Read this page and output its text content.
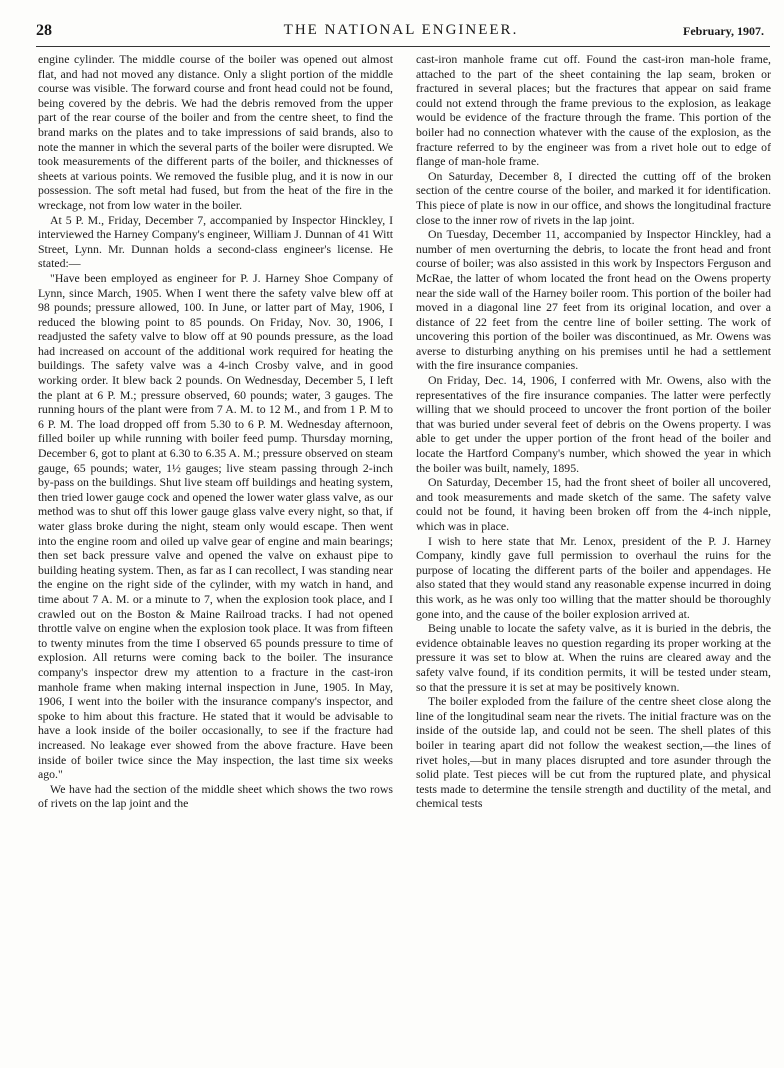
28	THE NATIONAL ENGINEER.	February, 1907.

engine cylinder. The middle course of the boiler was opened out almost flat, and had not moved any distance. Only a slight portion of the middle course was visible. The forward course and front head could not be found, being covered by the debris. We had the debris removed from the upper part of the rear course of the boiler and from the centre sheet, to find the brand marks on the plates and to take impressions of said brands, also to note the manner in which the several parts of the boiler were disrupted. We took measurements of the different parts of the boiler, and thicknesses of sheets at various points. We removed the fusible plug, and it is now in our possession. The soft metal had fused, but from the heat of the fire in the wreckage, not from low water in the boiler.

At 5 P. M., Friday, December 7, accompanied by Inspector Hinckley, I interviewed the Harney Company's engineer, William J. Dunnan of 41 Witt Street, Lynn. Mr. Dunnan holds a second-class engineer's license. He stated:—

"Have been employed as engineer for P. J. Harney Shoe Company of Lynn, since March, 1905. When I went there the safety valve blew off at 98 pounds; pressure allowed, 100. In June, or latter part of May, 1906, I reduced the blowing point to 85 pounds. On Friday, Nov. 30, 1906, I readjusted the safety valve to blow off at 90 pounds pressure, as the load had increased on account of the additional work required for heating the buildings. The safety valve was a 4-inch Crosby valve, and in good working order. It blew back 2 pounds. On Wednesday, December 5, I left the plant at 6 P. M.; pressure observed, 60 pounds; water, 3 gauges. The running hours of the plant were from 7 A. M. to 12 M., and from 1 P. M to 6 P. M. The load dropped off from 5.30 to 6 P. M. Wednesday afternoon, filled boiler up while running with boiler feed pump. Thursday morning, December 6, got to plant at 6.30 to 6.35 A. M.; pressure observed on steam gauge, 65 pounds; water, 1½ gauges; live steam passing through 2-inch by-pass on the buildings. Shut live steam off buildings and heating system, then tried lower gauge cock and opened the lower water glass valve, as our method was to shut off this lower gauge glass valve every night, so that, if water glass broke during the night, steam only would escape. Then went into the engine room and oiled up valve gear of engine and main bearings; then set back pressure valve and opened the valve on exhaust pipe to building heating system. Then, as far as I can recollect, I was standing near the engine on the right side of the cylinder, with my watch in hand, and time about 7 A. M. or a minute to 7, when the explosion took place, and I crawled out on the Boston & Maine Railroad tracks. I had not opened throttle valve on engine when the explosion took place. It was from fifteen to twenty minutes from the time I observed 65 pounds pressure to time of explosion. All returns were coming back to the boiler. The insurance company's inspector drew my attention to a fracture in the cast-iron manhole frame when making internal inspection in June, 1905. In May, 1906, I went into the boiler with the insurance company's inspector, and spoke to him about this fracture. He stated that it would be advisable to have a look inside of the boiler occasionally, to see if the fracture had increased. No leakage ever showed from the above fracture. Have been inside of boiler twice since the May inspection, the last time six weeks ago."

We have had the section of the middle sheet which shows the two rows of rivets on the lap joint and the

cast-iron manhole frame cut off. Found the cast-iron man-hole frame, attached to the part of the sheet containing the lap seam, broken or fractured in several places; but the fractures that appear on said frame could not extend through the frame previous to the explosion, as leakage would be evidence of the fracture through the frame. This portion of the boiler had no connection whatever with the cause of the explosion, as the fracture referred to by the engineer was from a rivet hole out to edge of flange of man-hole frame.

On Saturday, December 8, I directed the cutting off of the broken section of the centre course of the boiler, and marked it for identification. This piece of plate is now in our office, and shows the longitudinal fracture close to the inner row of rivets in the lap joint.

On Tuesday, December 11, accompanied by Inspector Hinckley, had a number of men overturning the debris, to locate the front head and front course of boiler; was also assisted in this work by Inspectors Ferguson and McRae, the latter of whom located the front head on the Owens property near the side wall of the Harney boiler room. This portion of the boiler had moved in a diagonal line 27 feet from its original location, and over a distance of 22 feet from the centre line of boiler setting. The work of uncovering this portion of the boiler was discontinued, as Mr. Owens was averse to disturbing anything on his premises until he had a settlement with the fire insurance companies.

On Friday, Dec. 14, 1906, I conferred with Mr. Owens, also with the representatives of the fire insurance companies. The latter were perfectly willing that we should proceed to uncover the front portion of the boiler that was buried under several feet of debris on the Owens property. I was able to get under the upper portion of the front head of the boiler and locate the Hartford Company's number, which showed the year in which the boiler was built, namely, 1895.

On Saturday, December 15, had the front sheet of boiler all uncovered, and took measurements and made sketch of the same. The safety valve could not be found, it having been broken off from the 4-inch nipple, which was in place.

I wish to here state that Mr. Lenox, president of the P. J. Harney Company, kindly gave full permission to overhaul the ruins for the purpose of locating the different parts of the boiler and appendages. He also stated that they would stand any reasonable expense incurred in doing this work, as he was only too willing that the matter should be thoroughly gone into, and the cause of the boiler explosion arrived at.

Being unable to locate the safety valve, as it is buried in the debris, the evidence obtainable leaves no question regarding its proper working at the pressure it was set to blow at. When the ruins are cleared away and the safety valve found, if its condition permits, it will be tested under steam, so that the pressure it is set at may be positively known.

The boiler exploded from the failure of the centre sheet close along the line of the longitudinal seam near the rivets. The initial fracture was on the inside of the outside lap, and could not be seen. The shell plates of this boiler in tearing apart did not follow the weakest section,—the lines of rivet holes,—but in many places disrupted and tore asunder through the solid plate. Test pieces will be cut from the ruptured plate, and physical tests made to determine the tensile strength and ductility of the metal, and chemical tests
